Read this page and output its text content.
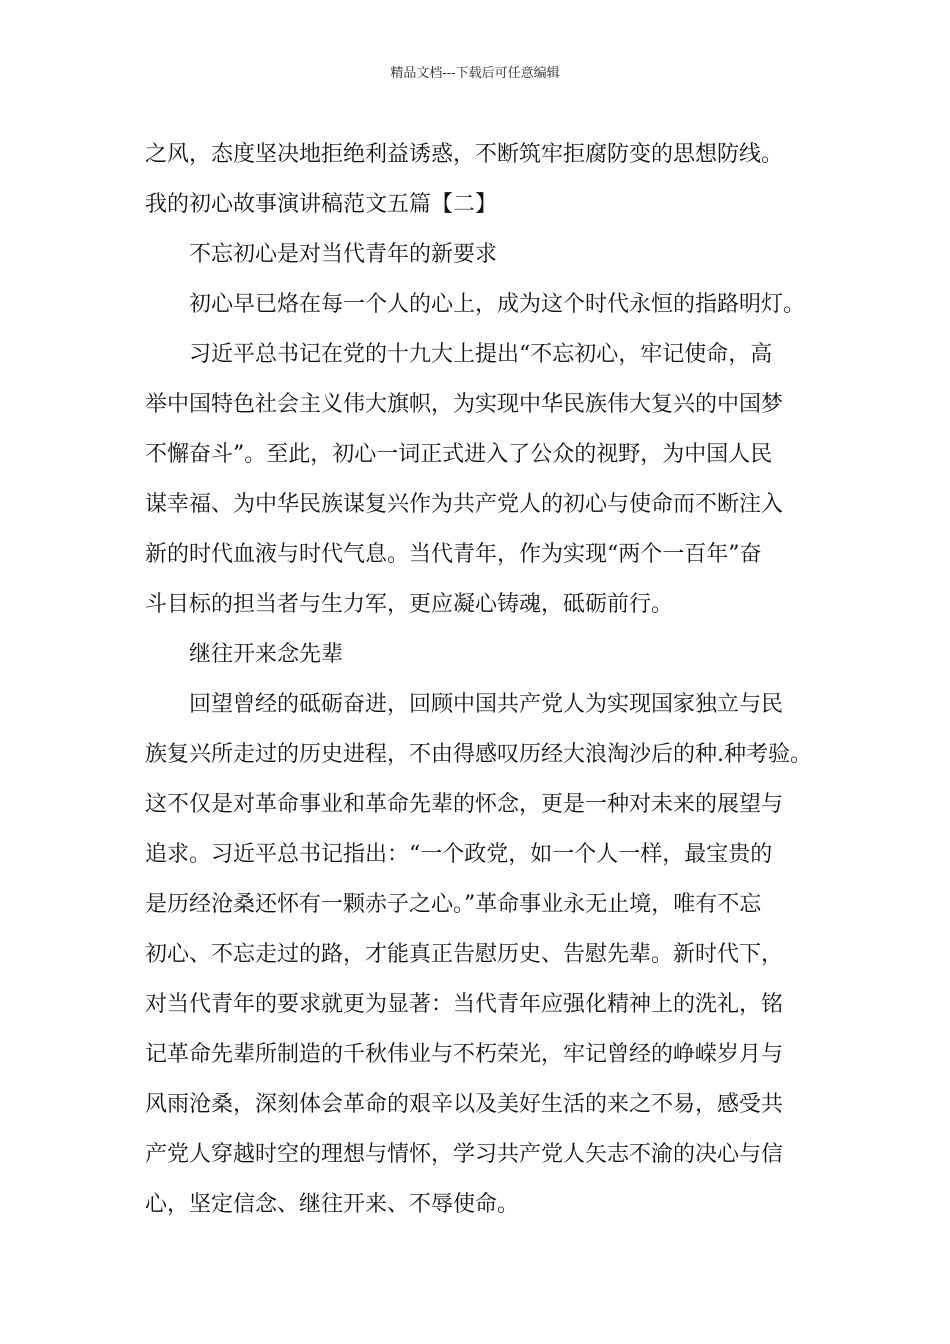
精品文档---下载后可任意编辑
之风，态度坚决地拒绝利益诱惑，不断筑牢拒腐防变的思想防线。
我的初心故事演讲稿范文五篇【二】
不忘初心是对当代青年的新要求
初心早已烙在每一个人的心上，成为这个时代永恒的指路明灯。
习近平总书记在党的十九大上提出“不忘初心，牢记使命，高
举中国特色社会主义伟大旗帜，为实现中华民族伟大复兴的中国梦
不懈奋斗”。至此，初心一词正式进入了公众的视野，为中国人民
谋幸福、为中华民族谋复兴作为共产党人的初心与使命而不断注入
新的时代血液与时代气息。当代青年，作为实现“两个一百年”奋
斗目标的担当者与生力军，更应凝心铸魂，砥砺前行。
继往开来念先辈
回望曾经的砥砺奋进，回顾中国共产党人为实现国家独立与民
族复兴所走过的历史进程，不由得感叹历经大浪淘沙后的种.种考验。
这不仅是对革命事业和革命先辈的怀念，更是一种对未来的展望与
追求。习近平总书记指出：“一个政党，如一个人一样，最宝贵的
是历经沧桑还怀有一颗赤子之心。”革命事业永无止境，唯有不忘
初心、不忘走过的路，才能真正告慰历史、告慰先辈。新时代下，
对当代青年的要求就更为显著：当代青年应强化精神上的洗礼，铭
记革命先辈所制造的千秋伟业与不朽荣光，牢记曾经的峥嵘岁月与
风雨沧桑，深刻体会革命的艰辛以及美好生活的来之不易，感受共
产党人穿越时空的理想与情怀，学习共产党人矢志不渝的决心与信
心，坚定信念、继往开来、不辱使命。
